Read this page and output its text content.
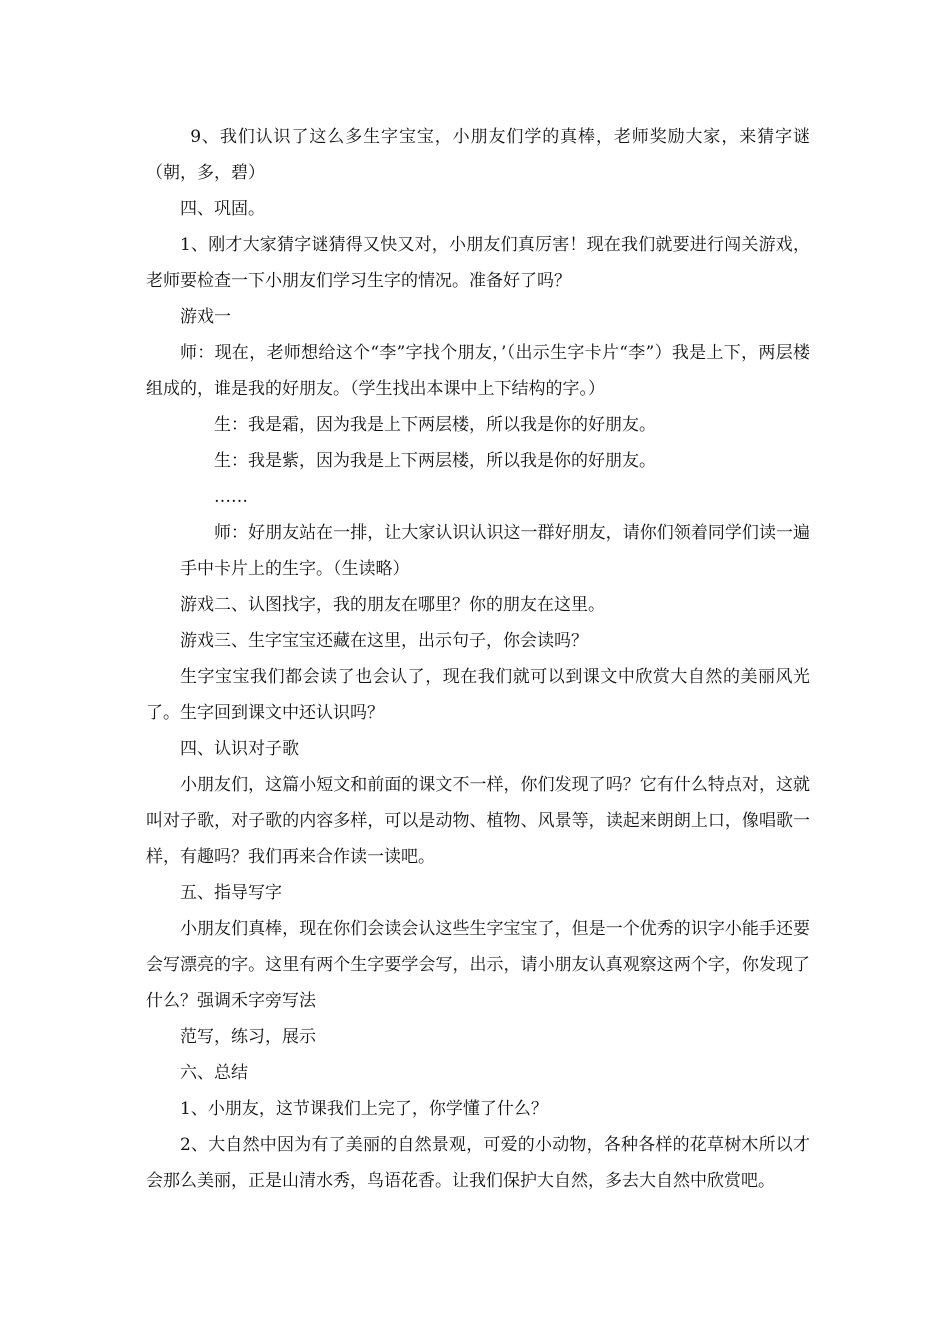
9、我们认识了这么多生字宝宝，小朋友们学的真棒，老师奖励大家，来猜字谜（朝，多，碧）

四、巩固。

1、刚才大家猜字谜猜得又快又对，小朋友们真厉害！现在我们就要进行闯关游戏，老师要检查一下小朋友们学习生字的情况。准备好了吗？

游戏一

师：现在，老师想给这个“李”字找个朋友，’（出示生字卡片“李”）我是上下，两层楼组成的，谁是我的好朋友。（学生找出本课中上下结构的字。）

生：我是霜，因为我是上下两层楼，所以我是你的好朋友。

生：我是紫，因为我是上下两层楼，所以我是你的好朋友。

……

师：好朋友站在一排，让大家认识认识这一群好朋友，请你们领着同学们读一遍手中卡片上的生字。（生读略）

游戏二、认图找字，我的朋友在哪里？你的朋友在这里。

游戏三、生字宝宝还藏在这里，出示句子，你会读吗？

生字宝宝我们都会读了也会认了，现在我们就可以到课文中欣赏大自然的美丽风光了。生字回到课文中还认识吗？

四、认识对子歌

小朋友们，这篇小短文和前面的课文不一样，你们发现了吗？它有什么特点对，这就叫对子歌，对子歌的内容多样，可以是动物、植物、风景等，读起来朗朗上口，像唱歌一样，有趣吗？我们再来合作读一读吧。

五、指导写字

小朋友们真棒，现在你们会读会认这些生字宝宝了，但是一个优秀的识字小能手还要会写漂亮的字。这里有两个生字要学会写，出示，请小朋友认真观察这两个字，你发现了什么？强调禾字旁写法

范写，练习，展示

六、总结

1、小朋友，这节课我们上完了，你学懂了什么？

2、大自然中因为有了美丽的自然景观，可爱的小动物，各种各样的花草树木所以才会那么美丽，正是山清水秀，鸟语花香。让我们保护大自然，多去大自然中欣赏吧。
